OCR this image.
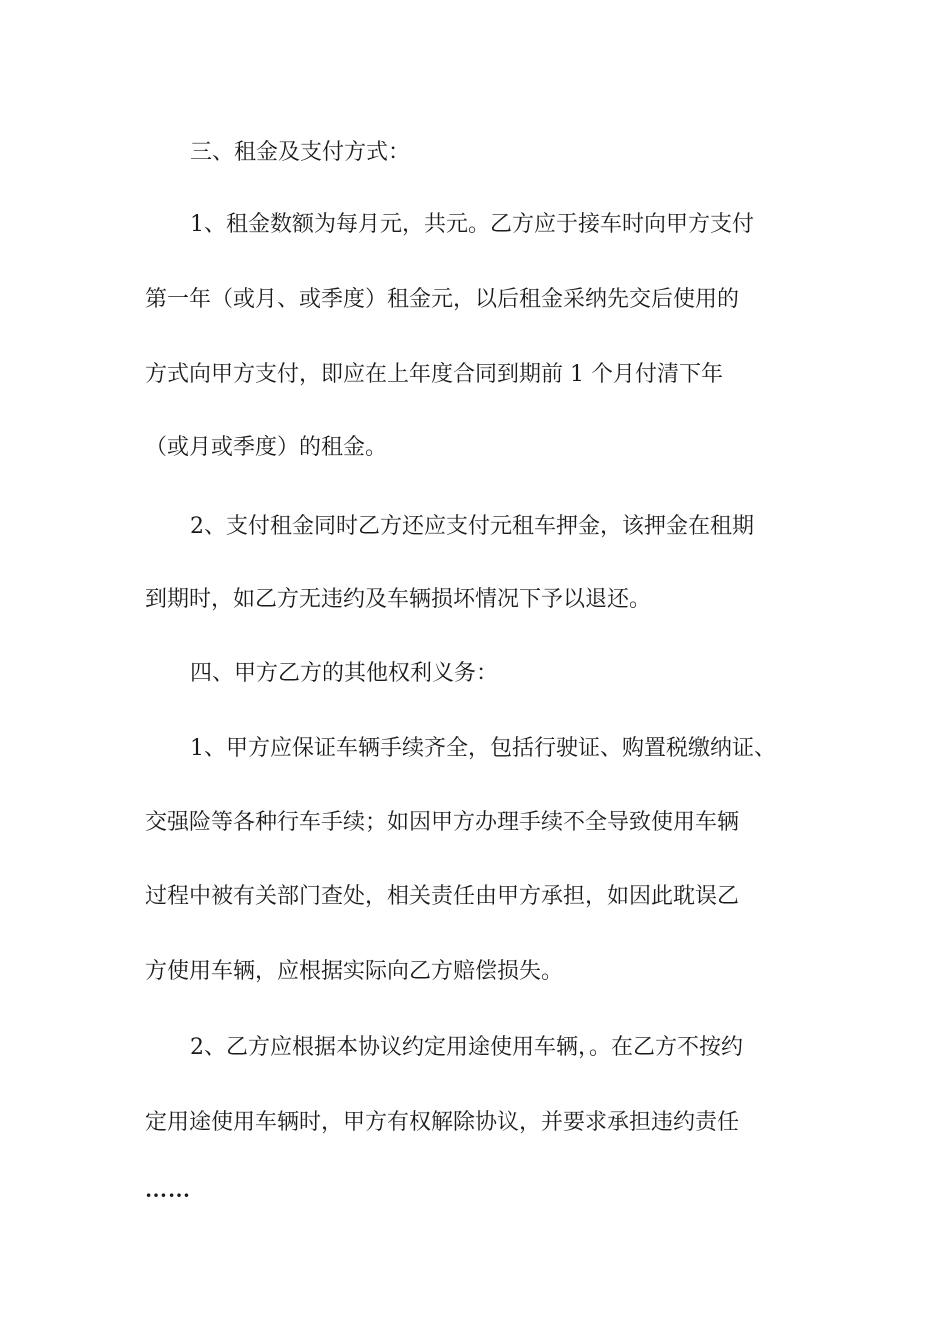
三、租金及支付方式：
1、租金数额为每月元，共元。乙方应于接车时向甲方支付
第一年（或月、或季度）租金元，以后租金采纳先交后使用的
方式向甲方支付，即应在上年度合同到期前 1 个月付清下年
（或月或季度）的租金。
2、支付租金同时乙方还应支付元租车押金，该押金在租期
到期时，如乙方无违约及车辆损坏情况下予以退还。
四、甲方乙方的其他权利义务：
1、甲方应保证车辆手续齐全，包括行驶证、购置税缴纳证、
交强险等各种行车手续；如因甲方办理手续不全导致使用车辆
过程中被有关部门查处，相关责任由甲方承担，如因此耽误乙
方使用车辆，应根据实际向乙方赔偿损失。
2、乙方应根据本协议约定用途使用车辆，。在乙方不按约
定用途使用车辆时，甲方有权解除协议，并要求承担违约责任
……
